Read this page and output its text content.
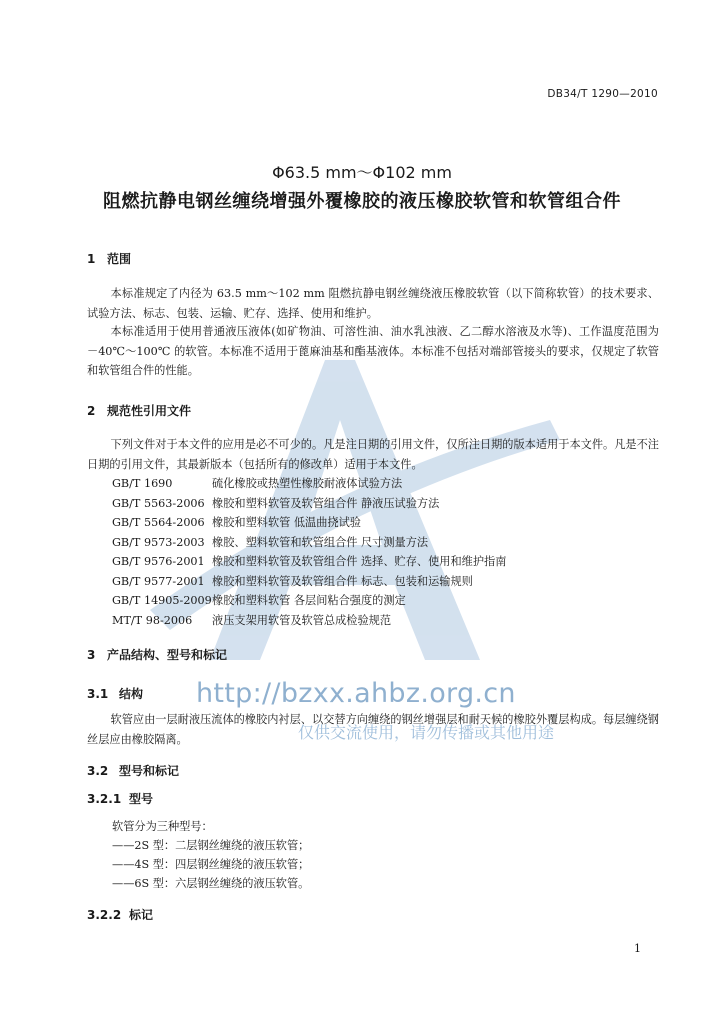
http://bzxx.ahbz.org.cn
仅供交流使用，请勿传播或其他用途
DB34/T 1290—2010
Φ63.5 mm～Φ102 mm
阻燃抗静电钢丝缠绕增强外覆橡胶的液压橡胶软管和软管组合件
1 范围
本标准规定了内径为 63.5 mm～102 mm 阻燃抗静电钢丝缠绕液压橡胶软管（以下简称软管）的技术要求、试验方法、标志、包装、运输、贮存、选择、使用和维护。
本标准适用于使用普通液压液体(如矿物油、可溶性油、油水乳浊液、乙二醇水溶液及水等)、工作温度范围为 －40℃～100℃ 的软管。本标准不适用于蓖麻油基和酯基液体。本标准不包括对端部管接头的要求，仅规定了软管和软管组合件的性能。
2 规范性引用文件
下列文件对于本文件的应用是必不可少的。凡是注日期的引用文件，仅所注日期的版本适用于本文件。凡是不注日期的引用文件，其最新版本（包括所有的修改单）适用于本文件。
GB/T 1690	硫化橡胶或热塑性橡胶耐液体试验方法
GB/T 5563-2006 橡胶和塑料软管及软管组合件 静液压试验方法
GB/T 5564-2006 橡胶和塑料软管 低温曲挠试验
GB/T 9573-2003 橡胶、塑料软管和软管组合件 尺寸测量方法
GB/T 9576-2001 橡胶和塑料软管及软管组合件 选择、贮存、使用和维护指南
GB/T 9577-2001 橡胶和塑料软管及软管组合件 标志、包装和运输规则
GB/T 14905-2009橡胶和塑料软管 各层间粘合强度的测定
MT/T 98-2006 液压支架用软管及软管总成检验规范
3 产品结构、型号和标记
3.1 结构
软管应由一层耐液压流体的橡胶内衬层、以交替方向缠绕的钢丝增强层和耐天候的橡胶外覆层构成。每层缠绕钢丝层应由橡胶隔离。
3.2 型号和标记
3.2.1 型号
软管分为三种型号：
——2S 型：二层钢丝缠绕的液压软管；
——4S 型：四层钢丝缠绕的液压软管；
——6S 型：六层钢丝缠绕的液压软管。
3.2.2 标记
1
